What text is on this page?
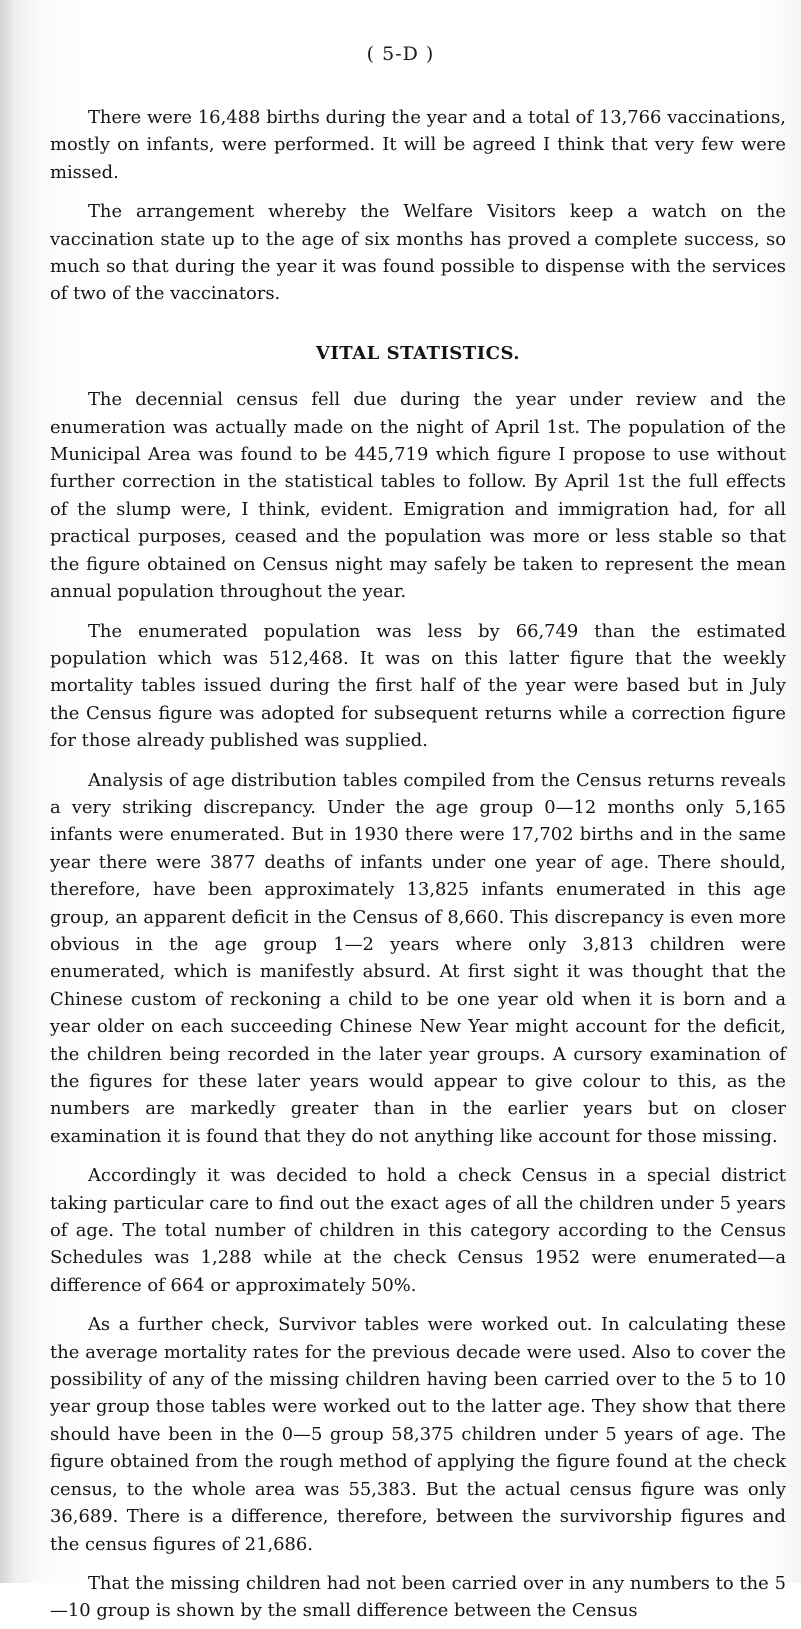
( 5-D )

There were 16,488 births during the year and a total of 13,766 vaccinations, mostly on infants, were performed. It will be agreed I think that very few were missed.

The arrangement whereby the Welfare Visitors keep a watch on the vaccination state up to the age of six months has proved a complete success, so much so that during the year it was found possible to dispense with the services of two of the vaccinators.

VITAL STATISTICS.

The decennial census fell due during the year under review and the enumeration was actually made on the night of April 1st. The population of the Municipal Area was found to be 445,719 which figure I propose to use without further correction in the statistical tables to follow. By April 1st the full effects of the slump were, I think, evident. Emigration and immigration had, for all practical purposes, ceased and the population was more or less stable so that the figure obtained on Census night may safely be taken to represent the mean annual population throughout the year.

The enumerated population was less by 66,749 than the estimated population which was 512,468. It was on this latter figure that the weekly mortality tables issued during the first half of the year were based but in July the Census figure was adopted for subsequent returns while a correction figure for those already published was supplied.

Analysis of age distribution tables compiled from the Census returns reveals a very striking discrepancy. Under the age group 0—12 months only 5,165 infants were enumerated. But in 1930 there were 17,702 births and in the same year there were 3877 deaths of infants under one year of age. There should, therefore, have been approximately 13,825 infants enumerated in this age group, an apparent deficit in the Census of 8,660. This discrepancy is even more obvious in the age group 1—2 years where only 3,813 children were enumerated, which is manifestly absurd. At first sight it was thought that the Chinese custom of reckoning a child to be one year old when it is born and a year older on each succeeding Chinese New Year might account for the deficit, the children being recorded in the later year groups. A cursory examination of the figures for these later years would appear to give colour to this, as the numbers are markedly greater than in the earlier years but on closer examination it is found that they do not anything like account for those missing.

Accordingly it was decided to hold a check Census in a special district taking particular care to find out the exact ages of all the children under 5 years of age. The total number of children in this category according to the Census Schedules was 1,288 while at the check Census 1952 were enumerated—a difference of 664 or approximately 50%.

As a further check, Survivor tables were worked out. In calculating these the average mortality rates for the previous decade were used. Also to cover the possibility of any of the missing children having been carried over to the 5 to 10 year group those tables were worked out to the latter age. They show that there should have been in the 0—5 group 58,375 children under 5 years of age. The figure obtained from the rough method of applying the figure found at the check census, to the whole area was 55,383. But the actual census figure was only 36,689. There is a difference, therefore, between the survivorship figures and the census figures of 21,686.

That the missing children had not been carried over in any numbers to the 5—10 group is shown by the small difference between the Census
